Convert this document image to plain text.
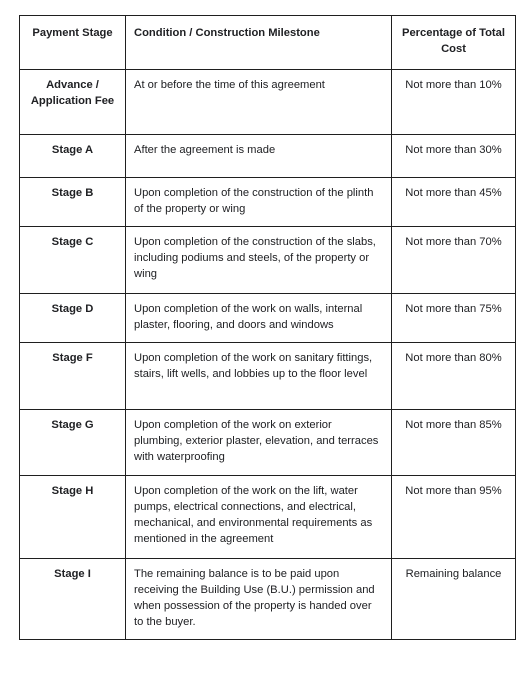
Payment Stage	Condition / Construction Milestone	Percentage of Total Cost
Advance / Application Fee	At or before the time of this agreement	Not more than 10%
Stage A	After the agreement is made	Not more than 30%
Stage B	Upon completion of the construction of the plinth of the property or wing	Not more than 45%
Stage C	Upon completion of the construction of the slabs, including podiums and steels, of the property or wing	Not more than 70%
Stage D	Upon completion of the work on walls, internal plaster, flooring, and doors and windows	Not more than 75%
Stage F	Upon completion of the work on sanitary fittings, stairs, lift wells, and lobbies up to the floor level	Not more than 80%
Stage G	Upon completion of the work on exterior plumbing, exterior plaster, elevation, and terraces with waterproofing	Not more than 85%
Stage H	Upon completion of the work on the lift, water pumps, electrical connections, and electrical, mechanical, and environmental requirements as mentioned in the agreement	Not more than 95%
Stage I	The remaining balance is to be paid upon receiving the Building Use (B.U.) permission and when possession of the property is handed over to the buyer.	Remaining balance
